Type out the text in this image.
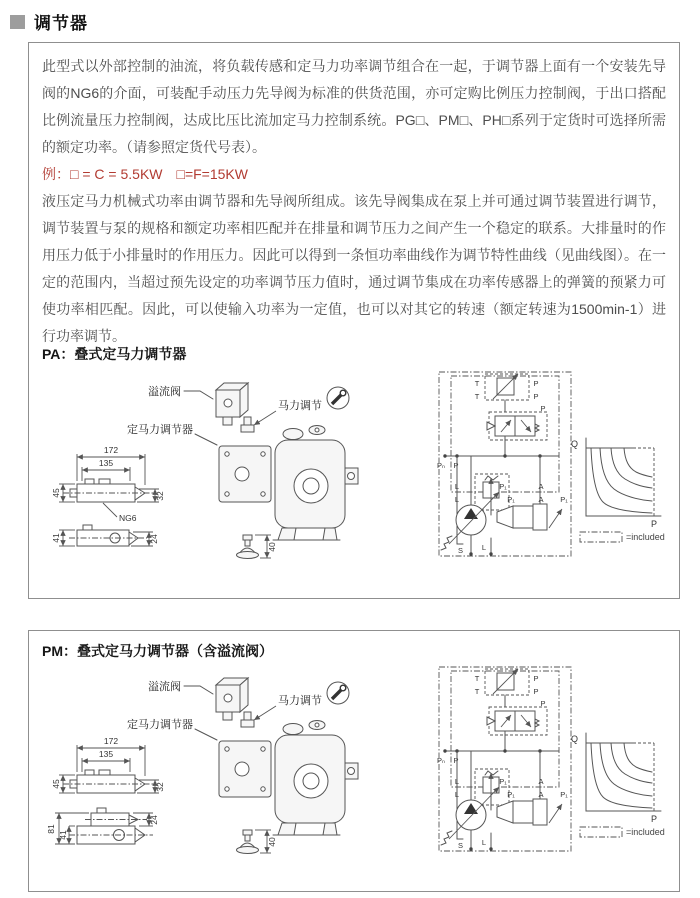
调节器

此型式以外部控制的油流，将负载传感和定马力功率调节组合在一起，于调节器上面有一个安装先导阀的NG6的介面，可装配手动压力先导阀为标准的供货范围，亦可定购比例压力控制阀，于出口搭配比例流量压力控制阀，达成比压比流加定马力控制系统。PG□、PM□、PH□系列于定货时可选择所需的额定功率。（请参照定货代号表）。

例：□ = C = 5.5KW　□=F=15KW

液压定马力机械式功率由调节器和先导阀所组成。该先导阀集成在泵上并可通过调节装置进行调节，调节装置与泵的规格和额定功率相匹配并在排量和调节压力之间产生一个稳定的联系。大排量时的作用压力低于小排量时的作用压力。因此可以得到一条恒功率曲线作为调节特性曲线（见曲线图）。在一定的范围内，当超过预先设定的功率调节压力值时，通过调节集成在功率传感器上的弹簧的预紧力可使功率相匹配。因此，可以使输入功率为一定值，也可以对其它的转速（额定转速为1500min-1）进行功率调节。

PA：叠式定马力调节器
溢流阀
马力调节
定马力调节器
172
135
45	32
NG6
41	24
40
T
T
P
P
P
Pₙ P
L
L
P₁	A
P₁	A P₁
S	L
Q
P
=included
PM：叠式定马力调节器（含溢流阀）
溢流阀
马力调节
定马力调节器
172
135
45	32
81
41
24
40
T
T
P
P
P
Pₙ P
L
L
P₁	A
P₁	A P₁
S	L
Q
P
=included
